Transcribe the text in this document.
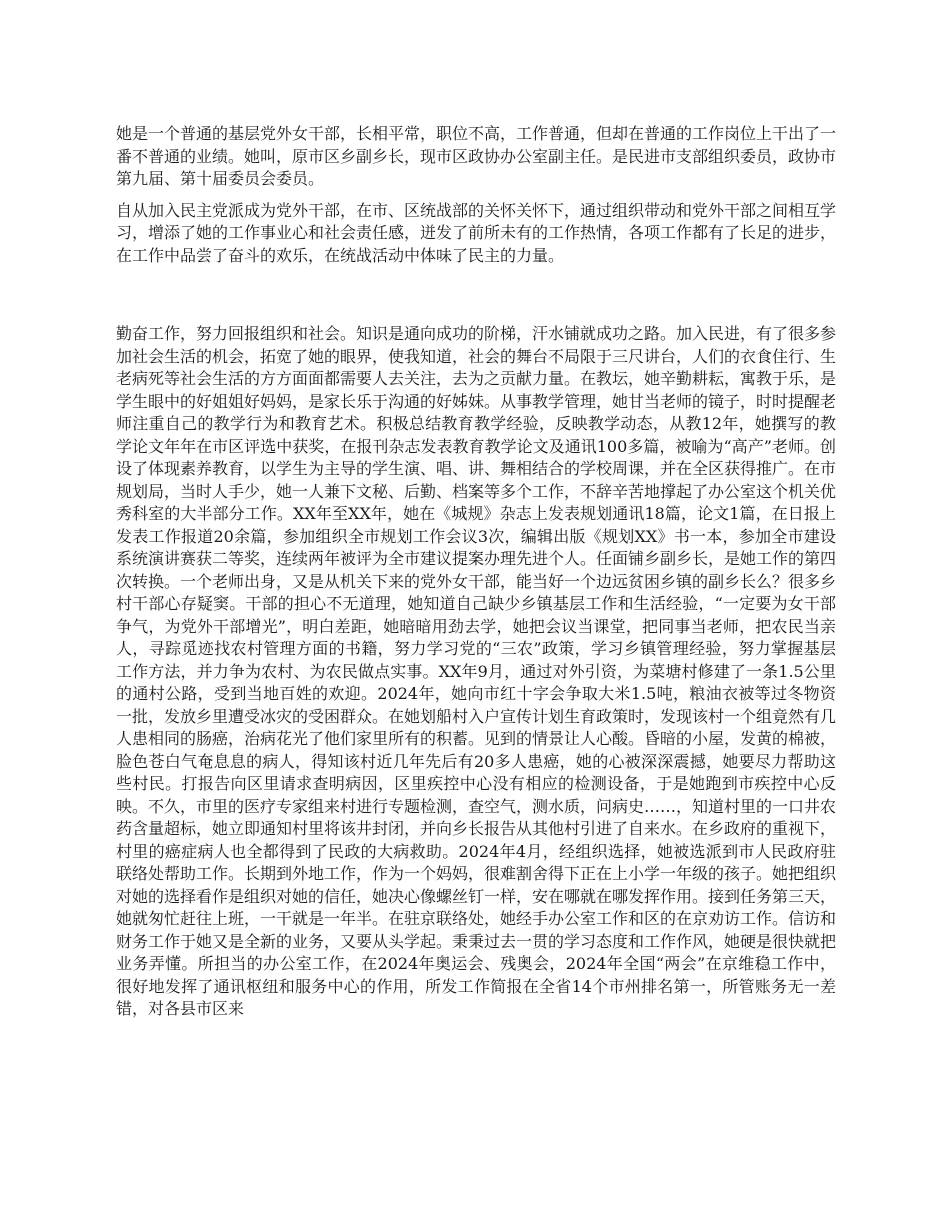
她是一个普通的基层党外女干部，长相平常，职位不高，工作普通，但却在普通的工作岗位上干出了一番不普通的业绩。她叫，原市区乡副乡长，现市区政协办公室副主任。是民进市支部组织委员，政协市第九届、第十届委员会委员。

自从加入民主党派成为党外干部，在市、区统战部的关怀关怀下，通过组织带动和党外干部之间相互学习，增添了她的工作事业心和社会责任感，迸发了前所未有的工作热情，各项工作都有了长足的进步，在工作中品尝了奋斗的欢乐，在统战活动中体味了民主的力量。

勤奋工作，努力回报组织和社会。知识是通向成功的阶梯，汗水铺就成功之路。加入民进，有了很多参加社会生活的机会，拓宽了她的眼界，使我知道，社会的舞台不局限于三尺讲台，人们的衣食住行、生老病死等社会生活的方方面面都需要人去关注，去为之贡献力量。在教坛，她辛勤耕耘，寓教于乐，是学生眼中的好姐姐好妈妈，是家长乐于沟通的好姊妹。从事教学管理，她甘当老师的镜子，时时提醒老师注重自己的教学行为和教育艺术。积极总结教育教学经验，反映教学动态，从教12年，她撰写的教学论文年年在市区评选中获奖，在报刊杂志发表教育教学论文及通讯100多篇，被喻为“高产”老师。创设了体现素养教育，以学生为主导的学生演、唱、讲、舞相结合的学校周课，并在全区获得推广。在市规划局，当时人手少，她一人兼下文秘、后勤、档案等多个工作，不辞辛苦地撑起了办公室这个机关优秀科室的大半部分工作。XX年至XX年，她在《城规》杂志上发表规划通讯18篇，论文1篇，在日报上发表工作报道20余篇，参加组织全市规划工作会议3次，编辑出版《规划XX》书一本，参加全市建设系统演讲赛获二等奖，连续两年被评为全市建议提案办理先进个人。任面铺乡副乡长，是她工作的第四次转换。一个老师出身，又是从机关下来的党外女干部，能当好一个边远贫困乡镇的副乡长么？很多乡村干部心存疑窦。干部的担心不无道理，她知道自己缺少乡镇基层工作和生活经验，“一定要为女干部争气，为党外干部增光”，明白差距，她暗暗用劲去学，她把会议当课堂，把同事当老师，把农民当亲人，寻踪觅迹找农村管理方面的书籍，努力学习党的“三农”政策，学习乡镇管理经验，努力掌握基层工作方法，并力争为农村、为农民做点实事。XX年9月，通过对外引资，为菜塘村修建了一条1.5公里的通村公路，受到当地百姓的欢迎。2024年，她向市红十字会争取大米1.5吨，粮油衣被等过冬物资一批，发放乡里遭受冰灾的受困群众。在她划船村入户宣传计划生育政策时，发现该村一个组竟然有几人患相同的肠癌，治病花光了他们家里所有的积蓄。见到的情景让人心酸。昏暗的小屋，发黄的棉被，脸色苍白气奄息息的病人，得知该村近几年先后有20多人患癌，她的心被深深震撼，她要尽力帮助这些村民。打报告向区里请求查明病因，区里疾控中心没有相应的检测设备，于是她跑到市疾控中心反映。不久，市里的医疗专家组来村进行专题检测，查空气，测水质，问病史……，知道村里的一口井农药含量超标，她立即通知村里将该井封闭，并向乡长报告从其他村引进了自来水。在乡政府的重视下，村里的癌症病人也全都得到了民政的大病救助。2024年4月，经组织选择，她被选派到市人民政府驻联络处帮助工作。长期到外地工作，作为一个妈妈，很难割舍得下正在上小学一年级的孩子。她把组织对她的选择看作是组织对她的信任，她决心像螺丝钉一样，安在哪就在哪发挥作用。接到任务第三天，她就匆忙赶往上班，一干就是一年半。在驻京联络处，她经手办公室工作和区的在京劝访工作。信访和财务工作于她又是全新的业务，又要从头学起。秉秉过去一贯的学习态度和工作作风，她硬是很快就把业务弄懂。所担当的办公室工作，在2024年奥运会、残奥会，2024年全国“两会”在京维稳工作中，很好地发挥了通讯枢纽和服务中心的作用，所发工作简报在全省14个市州排名第一，所管账务无一差错，对各县市区来
